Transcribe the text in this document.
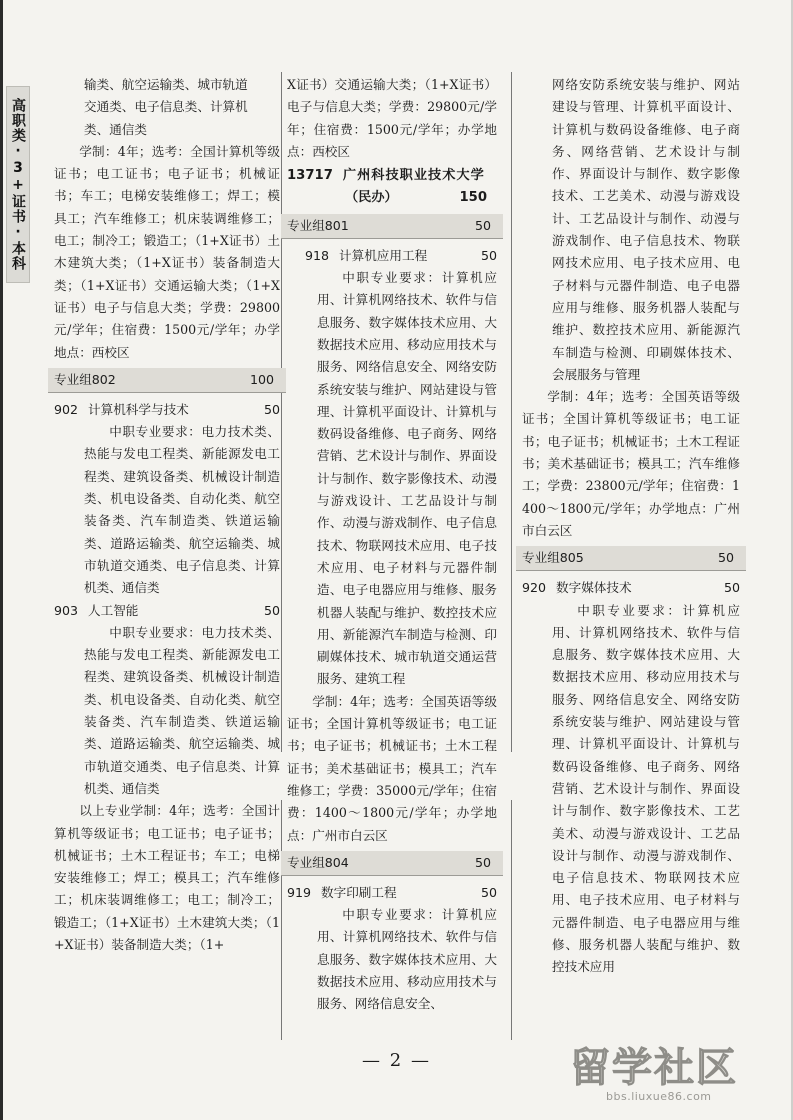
高职类·3+证书·本科

输类、航空运输类、城市轨道

交通类、电子信息类、计算机

类、通信类

学制：4年；选考：全国计算机等级证书；电工证书；电子证书；机械证书；车工；电梯安装维修工；焊工；模具工；汽车维修工；机床装调维修工；电工；制冷工；锻造工；（1+X证书）土木建筑大类；（1+X证书）装备制造大类；（1+X证书）交通运输大类；（1+X证书）电子与信息大类；学费：29800元/学年；住宿费：1500元/学年；办学地点：西校区

专业组802	100
902 计算机科学与技术	50

中职专业要求：电力技术类、热能与发电工程类、新能源发电工程类、建筑设备类、机械设计制造类、机电设备类、自动化类、航空装备类、汽车制造类、铁道运输类、道路运输类、航空运输类、城市轨道交通类、电子信息类、计算机类、通信类

903 人工智能	50

中职专业要求：电力技术类、热能与发电工程类、新能源发电工程类、建筑设备类、机械设计制造类、机电设备类、自动化类、航空装备类、汽车制造类、铁道运输类、道路运输类、航空运输类、城市轨道交通类、电子信息类、计算机类、通信类

以上专业学制：4年；选考：全国计算机等级证书；电工证书；电子证书；机械证书；土木工程证书；车工；电梯安装维修工；焊工；模具工；汽车维修工；机床装调维修工；电工；制冷工；锻造工；（1+X证书）土木建筑大类；（1+X证书）装备制造大类；（1+

X证书）交通运输大类；（1+X证书）电子与信息大类；学费：29800元/学年；住宿费：1500元/学年；办学地点：西校区

13717 广州科技职业技术大学
（民办）	150
专业组801	50
918 计算机应用工程	50

中职专业要求：计算机应用、计算机网络技术、软件与信息服务、数字媒体技术应用、大数据技术应用、移动应用技术与服务、网络信息安全、网络安防系统安装与维护、网站建设与管理、计算机平面设计、计算机与数码设备维修、电子商务、网络营销、艺术设计与制作、界面设计与制作、数字影像技术、动漫与游戏设计、工艺品设计与制作、动漫与游戏制作、电子信息技术、物联网技术应用、电子技术应用、电子材料与元器件制造、电子电器应用与维修、服务机器人装配与维护、数控技术应用、新能源汽车制造与检测、印刷媒体技术、城市轨道交通运营服务、建筑工程

学制：4年；选考：全国英语等级证书；全国计算机等级证书；电工证书；电子证书；机械证书；土木工程证书；美术基础证书；模具工；汽车维修工；学费：35000元/学年；住宿费：1400～1800元/学年；办学地点：广州市白云区

专业组804	50
919 数字印刷工程	50

中职专业要求：计算机应用、计算机网络技术、软件与信息服务、数字媒体技术应用、大数据技术应用、移动应用技术与服务、网络信息安全、

网络安防系统安装与维护、网站建设与管理、计算机平面设计、计算机与数码设备维修、电子商务、网络营销、艺术设计与制作、界面设计与制作、数字影像技术、工艺美术、动漫与游戏设计、工艺品设计与制作、动漫与游戏制作、电子信息技术、物联网技术应用、电子技术应用、电子材料与元器件制造、电子电器应用与维修、服务机器人装配与维护、数控技术应用、新能源汽车制造与检测、印刷媒体技术、会展服务与管理

学制：4年；选考：全国英语等级证书；全国计算机等级证书；电工证书；电子证书；机械证书；土木工程证书；美术基础证书；模具工；汽车维修工；学费：23800元/学年；住宿费：1400～1800元/学年；办学地点：广州市白云区

专业组805	50
920 数字媒体技术	50

中职专业要求：计算机应用、计算机网络技术、软件与信息服务、数字媒体技术应用、大数据技术应用、移动应用技术与服务、网络信息安全、网络安防系统安装与维护、网站建设与管理、计算机平面设计、计算机与数码设备维修、电子商务、网络营销、艺术设计与制作、界面设计与制作、数字影像技术、工艺美术、动漫与游戏设计、工艺品设计与制作、动漫与游戏制作、电子信息技术、物联网技术应用、电子技术应用、电子材料与元器件制造、电子电器应用与维修、服务机器人装配与维护、数控技术应用

— 2 —	留学社区
bbs.liuxue86.com
